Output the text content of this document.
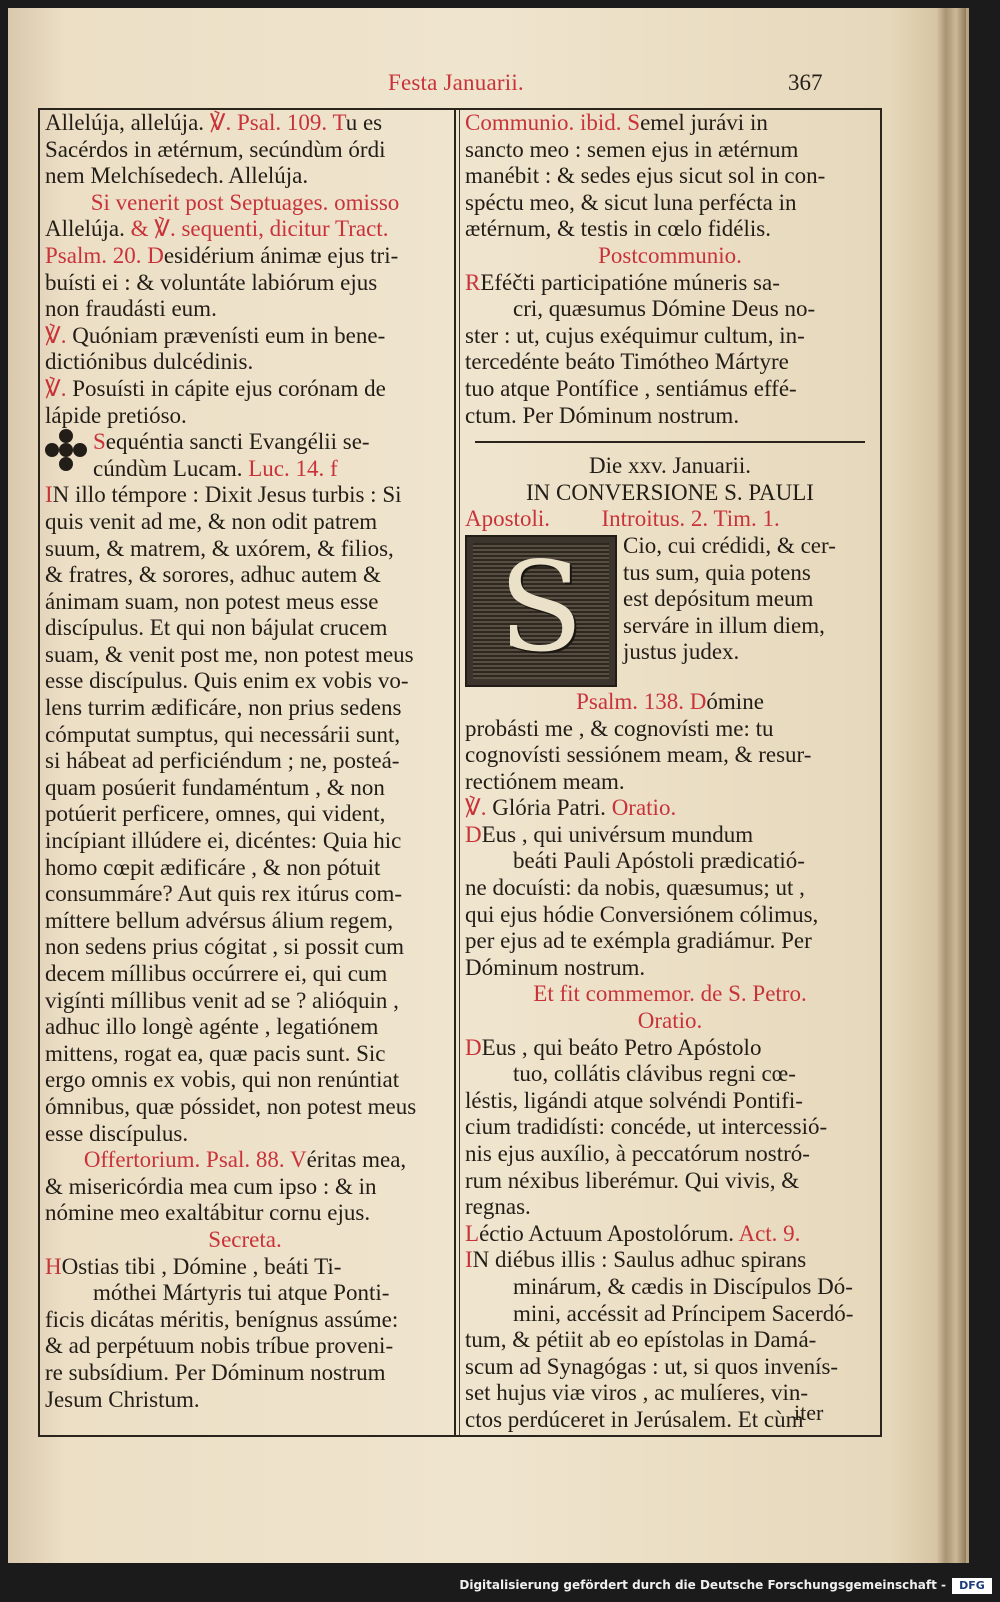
Festa Januarii.	367
Allelúja, allelúja. ℣. Psal. 109. Tu es
Sacérdos in ætérnum, secúndùm órdi
nem Melchísedech. Allelúja.
Si venerit post Septuages. omisso
Allelúja. & ℣. sequenti, dicitur Tract.
Psalm. 20. Desidérium ánimæ ejus tri-
buísti ei : & voluntáte labiórum ejus
non fraudásti eum.
℣. Quóniam prævenísti eum in bene-
dictiónibus dulcédinis.
℣. Posuísti in cápite ejus corónam de
lápide pretióso.
Sequéntia sancti Evangélii se-
cúndùm Lucam. Luc. 14. f
IN illo témpore : Dixit Jesus turbis : Si
quis venit ad me, & non odit patrem
suum, & matrem, & uxórem, & filios,
& fratres, & sorores, adhuc autem &
ánimam suam, non potest meus esse
discípulus. Et qui non bájulat crucem
suam, & venit post me, non potest meus
esse discípulus. Quis enim ex vobis vo-
lens turrim ædificáre, non prius sedens
cómputat sumptus, qui necessárii sunt,
si hábeat ad perficiéndum ; ne, posteá-
quam posúerit fundaméntum , & non
potúerit perficere, omnes, qui vident,
incípiant illúdere ei, dicéntes: Quia hic
homo cœpit ædificáre , & non pótuit
consummáre? Aut quis rex itúrus com-
míttere bellum advérsus álium regem,
non sedens prius cógitat , si possit cum
decem míllibus occúrrere ei, qui cum
vigínti míllibus venit ad se ? alióquin ,
adhuc illo longè agénte , legatiónem
mittens, rogat ea, quæ pacis sunt. Sic
ergo omnis ex vobis, qui non renúntiat
ómnibus, quæ póssidet, non potest meus
esse discípulus.
Offertorium. Psal. 88. Véritas mea,
& misericórdia mea cum ipso : & in
nómine meo exaltábitur cornu ejus.
Secreta.
HOstias tibi , Dómine , beáti Ti-
móthei Mártyris tui atque Ponti-
ficis dicátas méritis, benígnus assúme:
& ad perpétuum nobis tríbue proveni-
re subsídium. Per Dóminum nostrum
Jesum Christum.
Communio. ibid. Semel jurávi in
sancto meo : semen ejus in ætérnum
manébit : & sedes ejus sicut sol in con-
spéctu meo, & sicut luna perfécta in
ætérnum, & testis in cœlo fidélis.
Postcommunio.
REféčti participatióne múneris sa-
cri, quæsumus Dómine Deus no-
ster : ut, cujus exéquimur cultum, in-
tercedénte beáto Timótheo Mártyre
tuo atque Pontífice , sentiámus effé-
ctum. Per Dóminum nostrum.
Die xxv. Januarii.
IN CONVERSIONE S. PAULI
Apostoli. Introitus. 2. Tim. 1.
S	Cio, cui crédidi, & cer-
tus sum, quia potens
est depósitum meum
serváre in illum diem,
justus judex.
Psalm. 138. Dómine
probásti me , & cognovísti me: tu
cognovísti sessiónem meam, & resur-
rectiónem meam.
℣. Glória Patri. Oratio.
DEus , qui univérsum mundum
beáti Pauli Apóstoli prædicatió-
ne docuísti: da nobis, quæsumus; ut ,
qui ejus hódie Conversiónem cólimus,
per ejus ad te exémpla gradiámur. Per
Dóminum nostrum.
Et fit commemor. de S. Petro.
Oratio.
DEus , qui beáto Petro Apóstolo
tuo, collátis clávibus regni cœ-
léstis, ligándi atque solvéndi Pontifi-
cium tradidísti: concéde, ut intercessió-
nis ejus auxílio, à peccatórum nostró-
rum néxibus liberémur. Qui vivis, &
regnas.
Léctio Actuum Apostolórum. Act. 9.
IN diébus illis : Saulus adhuc spirans
minárum, & cædis in Discípulos Dó-
mini, accéssit ad Príncipem Sacerdó-
tum, & pétiit ab eo epístolas in Damá-
scum ad Synagógas : ut, si quos invenís-
set hujus viæ viros , ac mulíeres, vin-
ctos perdúceret in Jerúsalem. Et cùm
iter
Digitalisierung gefördert durch die Deutsche Forschungsgemeinschaft -	DFG
